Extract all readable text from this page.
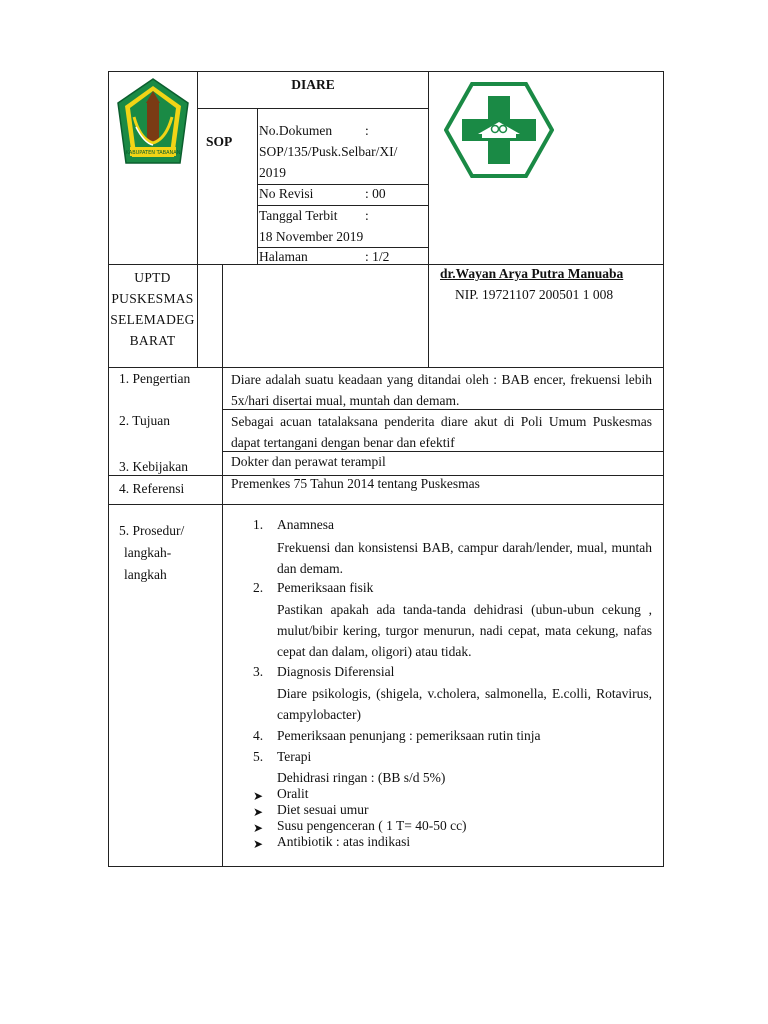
KABUPATEN TABANAN
DIARE
SOP
No.Dokumen :
SOP/135/Pusk.Selbar/XI/
2019
No Revisi	: 00
Tanggal Terbit :
18 November 2019
Halaman	: 1/2
UPTD
PUSKESMAS
SELEMADEG
BARAT
dr.Wayan Arya Putra Manuaba
NIP. 19721107 200501 1 008
1. Pengertian	Diare adalah suatu keadaan yang ditandai oleh : BAB encer, frekuensi lebih 5x/hari disertai mual, muntah dan demam.
2. Tujuan	Sebagai acuan tatalaksana penderita diare akut di Poli Umum Puskesmas dapat tertangani dengan benar dan efektif
3. Kebijakan	Dokter dan perawat terampil
4. Referensi	Premenkes 75 Tahun 2014 tentang Puskesmas
5. Prosedur/
langkah-
langkah
1. Anamnesa
Frekuensi dan konsistensi BAB, campur darah/lender, mual, muntah dan demam.
2. Pemeriksaan fisik
Pastikan apakah ada tanda-tanda dehidrasi (ubun-ubun cekung , mulut/bibir kering, turgor menurun, nadi cepat, mata cekung, nafas cepat dan dalam, oligori) atau tidak.
3. Diagnosis Diferensial
Diare psikologis, (shigela, v.cholera, salmonella, E.colli, Rotavirus, campylobacter)
4. Pemeriksaan penunjang : pemeriksaan rutin tinja
5. Terapi
Dehidrasi ringan : (BB s/d 5%)
➤ Oralit
➤ Diet sesuai umur
➤ Susu pengenceran ( 1 T= 40-50 cc)
➤ Antibiotik : atas indikasi
